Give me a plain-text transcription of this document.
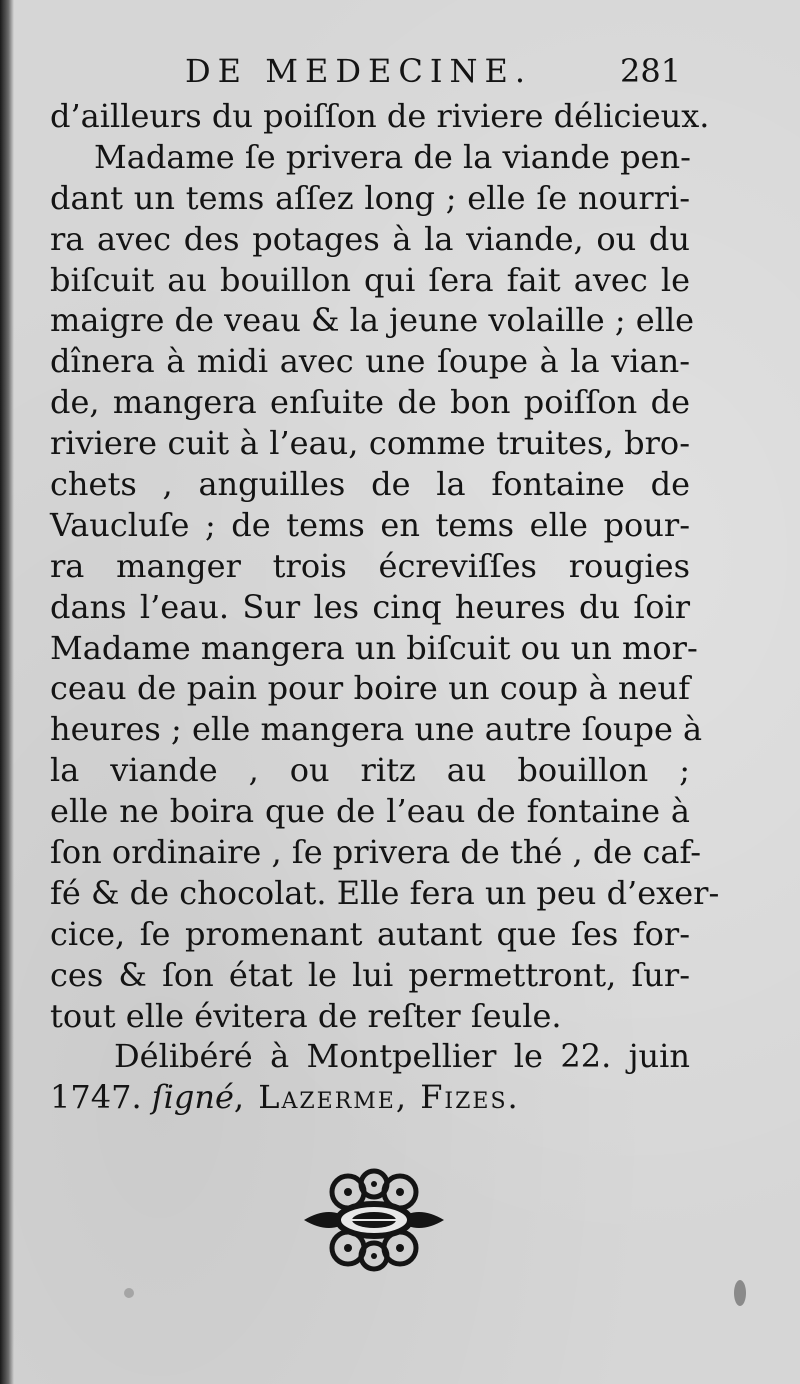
DE MEDECINE.	281
d’ailleurs du poiſſon de riviere délicieux.
Madame ſe privera de la viande pen-
dant un tems aſſez long ; elle ſe nourri-
ra avec des potages à la viande, ou du
biſcuit au bouillon qui ſera fait avec le
maigre de veau & la jeune volaille ; elle
dînera à midi avec une ſoupe à la vian-
de, mangera enſuite de bon poiſſon de
riviere cuit à l’eau, comme truites, bro-
chets , anguilles de la fontaine de
Vaucluſe ; de tems en tems elle pour-
ra manger trois écreviſſes rougies
dans l’eau. Sur les cinq heures du ſoir
Madame mangera un biſcuit ou un mor-
ceau de pain pour boire un coup à neuf
heures ; elle mangera une autre ſoupe à
la viande , ou ritz au bouillon ;
elle ne boira que de l’eau de fontaine à
ſon ordinaire , ſe privera de thé , de caf-
fé & de chocolat. Elle fera un peu d’exer-
cice, ſe promenant autant que ſes for-
ces & ſon état le lui permettront, ſur-
tout elle évitera de reſter ſeule.
Délibéré à Montpellier le 22. juin
1747. ſigné, Lazerme, Fizes.
